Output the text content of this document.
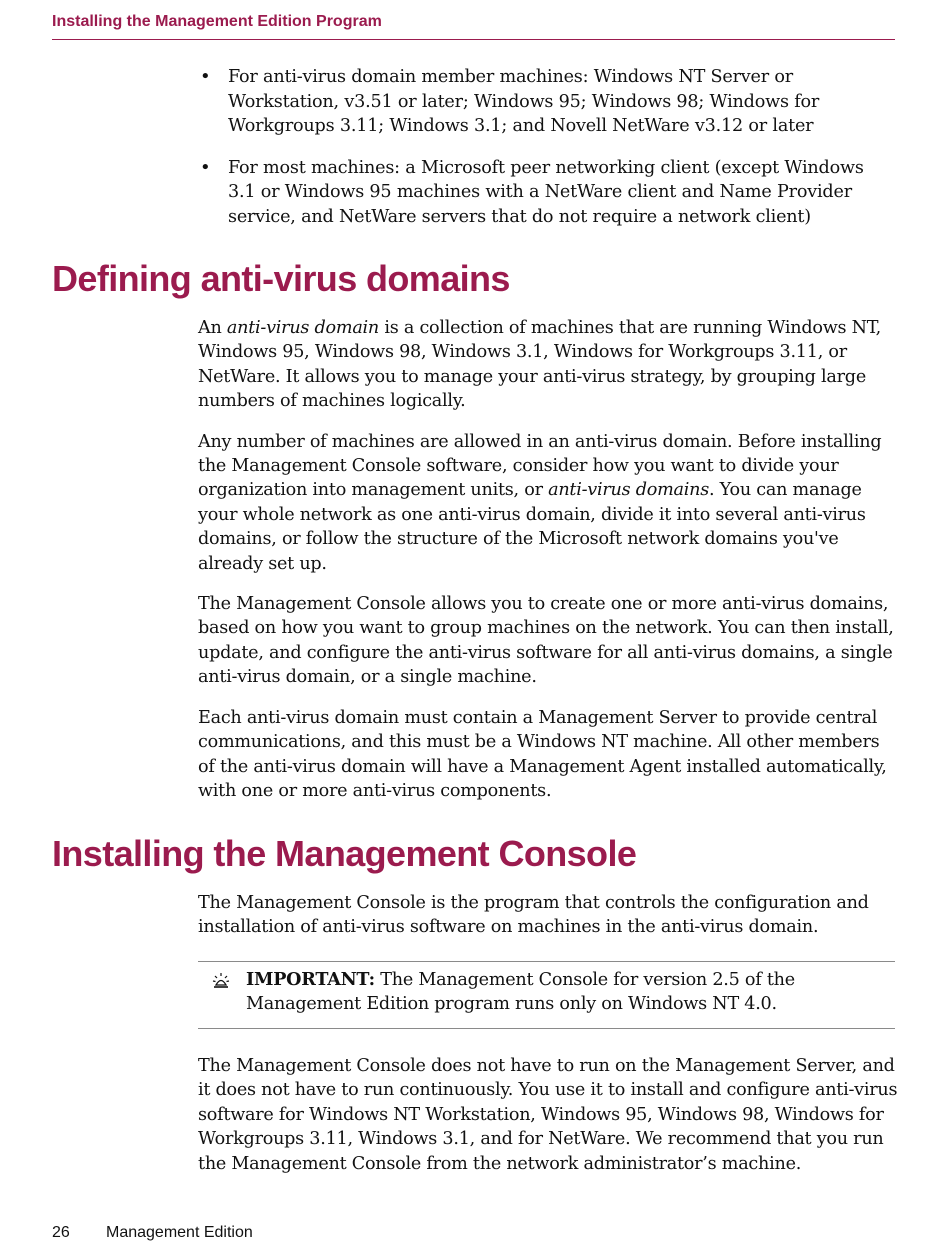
Installing the Management Edition Program
• For anti-virus domain member machines: Windows NT Server or Workstation, v3.51 or later; Windows 95; Windows 98; Windows for Workgroups 3.11; Windows 3.1; and Novell NetWare v3.12 or later
• For most machines: a Microsoft peer networking client (except Windows 3.1 or Windows 95 machines with a NetWare client and Name Provider service, and NetWare servers that do not require a network client)
Defining anti-virus domains

An anti-virus domain is a collection of machines that are running Windows NT, Windows 95, Windows 98, Windows 3.1, Windows for Workgroups 3.11, or NetWare. It allows you to manage your anti-virus strategy, by grouping large numbers of machines logically.

Any number of machines are allowed in an anti-virus domain. Before installing the Management Console software, consider how you want to divide your organization into management units, or anti-virus domains. You can manage your whole network as one anti-virus domain, divide it into several anti-virus domains, or follow the structure of the Microsoft network domains you've already set up.

The Management Console allows you to create one or more anti-virus domains, based on how you want to group machines on the network. You can then install, update, and configure the anti-virus software for all anti-virus domains, a single anti-virus domain, or a single machine.

Each anti-virus domain must contain a Management Server to provide central communications, and this must be a Windows NT machine. All other members of the anti-virus domain will have a Management Agent installed automatically, with one or more anti-virus components.

Installing the Management Console

The Management Console is the program that controls the configuration and installation of anti-virus software on machines in the anti-virus domain.

IMPORTANT: The Management Console for version 2.5 of the Management Edition program runs only on Windows NT 4.0.

The Management Console does not have to run on the Management Server, and it does not have to run continuously. You use it to install and configure anti-virus software for Windows NT Workstation, Windows 95, Windows 98, Windows for Workgroups 3.11, Windows 3.1, and for NetWare. We recommend that you run the Management Console from the network administrator’s machine.

26 Management Edition
